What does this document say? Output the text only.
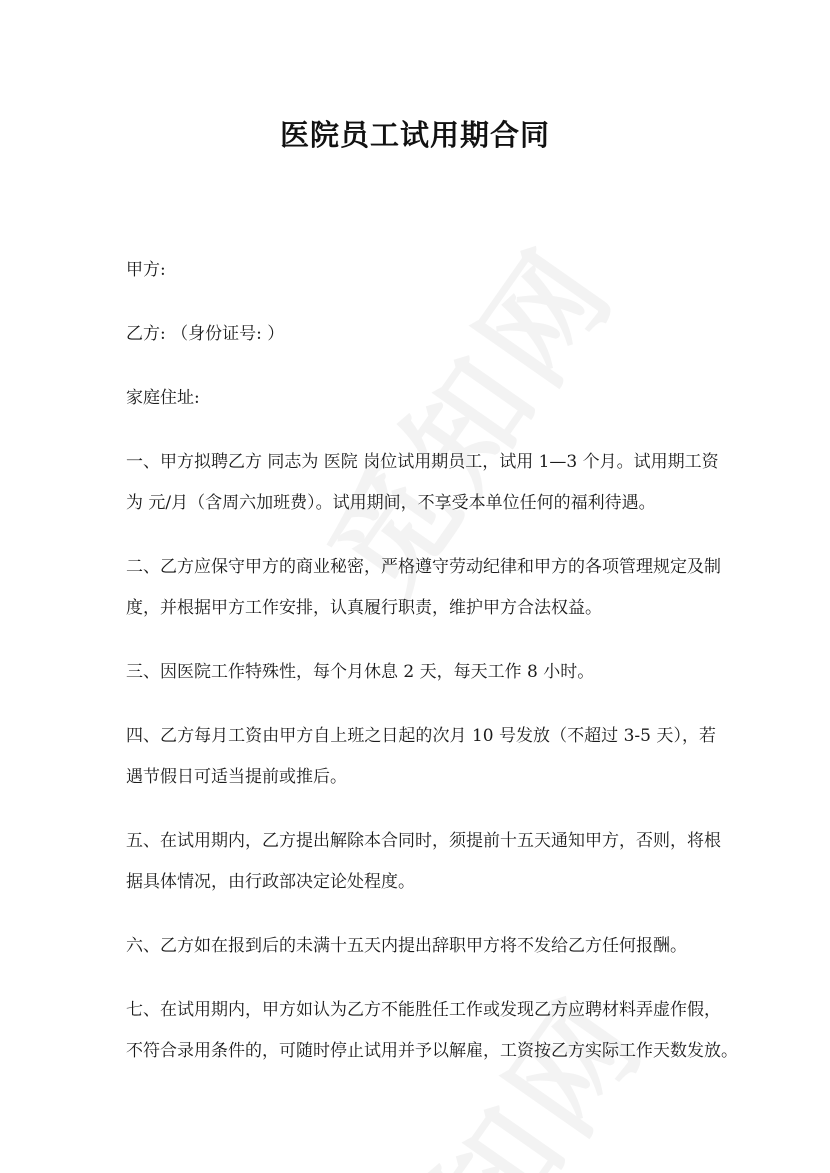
医院员工试用期合同
甲方:
乙方: （身份证号: ）
家庭住址:
一、甲方拟聘乙方 同志为 医院 岗位试用期员工，试用 1—3 个月。试用期工资
为 元/月（含周六加班费）。试用期间，不享受本单位任何的福利待遇。
二、乙方应保守甲方的商业秘密，严格遵守劳动纪律和甲方的各项管理规定及制
度，并根据甲方工作安排，认真履行职责，维护甲方合法权益。
三、因医院工作特殊性，每个月休息 2 天，每天工作 8 小时。
四、乙方每月工资由甲方自上班之日起的次月 10 号发放（不超过 3-5 天），若
遇节假日可适当提前或推后。
五、在试用期内，乙方提出解除本合同时，须提前十五天通知甲方，否则，将根
据具体情况，由行政部决定论处程度。
六、乙方如在报到后的未满十五天内提出辞职甲方将不发给乙方任何报酬。
七、在试用期内，甲方如认为乙方不能胜任工作或发现乙方应聘材料弄虚作假，
不符合录用条件的，可随时停止试用并予以解雇，工资按乙方实际工作天数发放。
